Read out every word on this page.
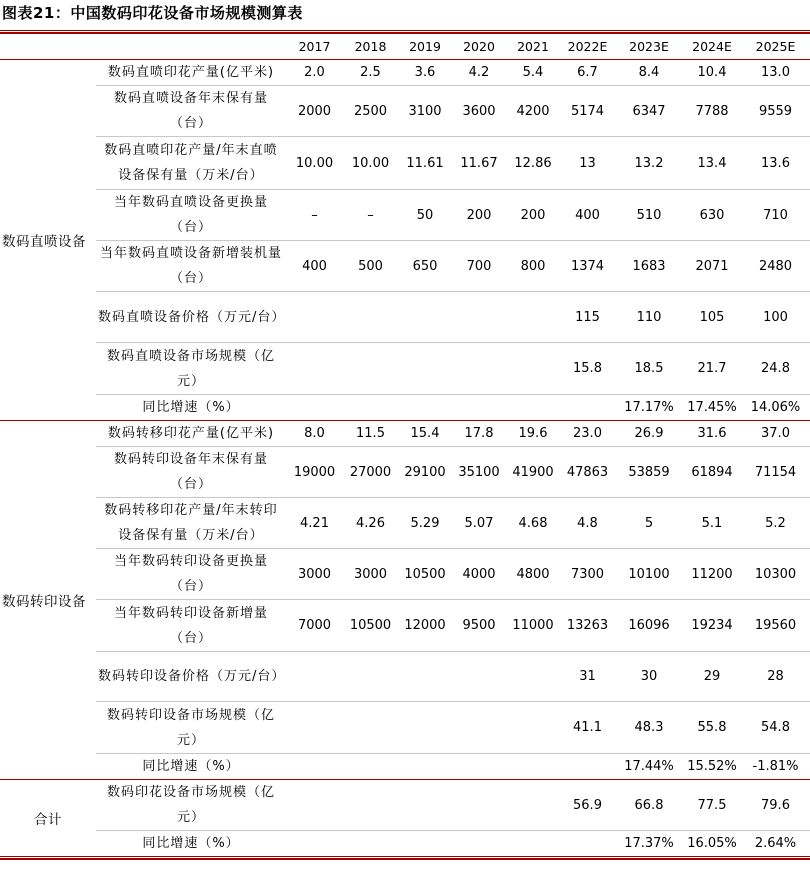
图表21：中国数码印花设备市场规模测算表
		2017	2018	2019	2020	2021	2022E	2023E	2024E	2025E
数码直喷设备	数码直喷印花产量(亿平米)	2.0	2.5	3.6	4.2	5.4	6.7	8.4	10.4	13.0
	数码直喷设备年末保有量（台）	2000	2500	3100	3600	4200	5174	6347	7788	9559
	数码直喷印花产量/年末直喷设备保有量（万米/台）	10.00	10.00	11.61	11.67	12.86	13	13.2	13.4	13.6
	当年数码直喷设备更换量（台）	–	–	50	200	200	400	510	630	710
	当年数码直喷设备新增装机量（台）	400	500	650	700	800	1374	1683	2071	2480
	数码直喷设备价格（万元/台）						115	110	105	100
	数码直喷设备市场规模（亿元）						15.8	18.5	21.7	24.8
	同比增速（%）							17.17%	17.45%	14.06%
数码转印设备	数码转移印花产量(亿平米)	8.0	11.5	15.4	17.8	19.6	23.0	26.9	31.6	37.0
	数码转印设备年末保有量（台）	19000	27000	29100	35100	41900	47863	53859	61894	71154
	数码转移印花产量/年末转印设备保有量（万米/台）	4.21	4.26	5.29	5.07	4.68	4.8	5	5.1	5.2
	当年数码转印设备更换量（台）	3000	3000	10500	4000	4800	7300	10100	11200	10300
	当年数码转印设备新增量（台）	7000	10500	12000	9500	11000	13263	16096	19234	19560
	数码转印设备价格（万元/台）						31	30	29	28
	数码转印设备市场规模（亿元）						41.1	48.3	55.8	54.8
	同比增速（%）							17.44%	15.52%	-1.81%
合计	数码印花设备市场规模（亿元）						56.9	66.8	77.5	79.6
	同比增速（%）							17.37%	16.05%	2.64%
